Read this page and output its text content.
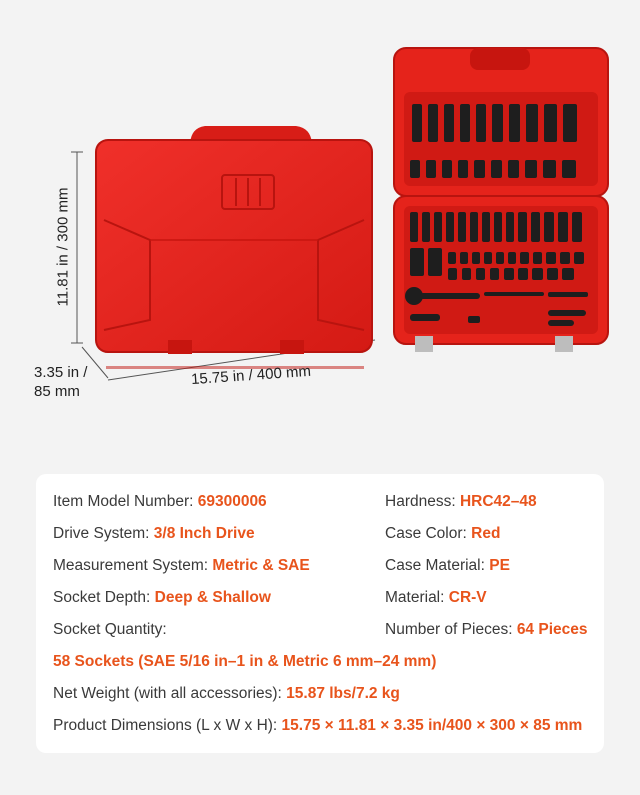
11.81 in / 300 mm
3.35 in /
85 mm
15.75 in / 400 mm
Item Model Number: 69300006
Drive System: 3/8 Inch Drive
Measurement System: Metric & SAE
Socket Depth: Deep & Shallow
Socket Quantity:
58 Sockets (SAE 5/16 in–1 in & Metric 6 mm–24 mm)
Net Weight (with all accessories): 15.87 lbs/7.2 kg
Product Dimensions (L x W x H): 15.75 × 11.81 × 3.35 in/400 × 300 × 85 mm
Hardness: HRC42–48
Case Color: Red
Case Material: PE
Material: CR-V
Number of Pieces: 64 Pieces
